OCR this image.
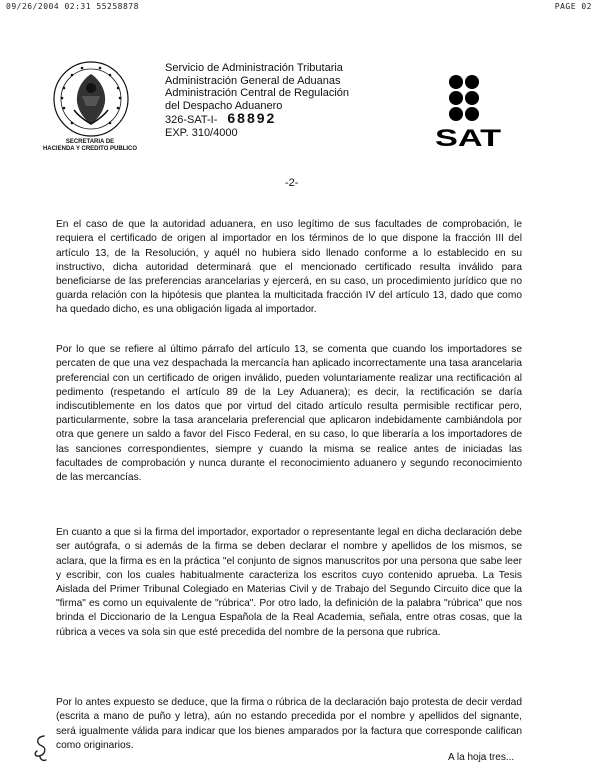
09/26/2004 02:31 55258878	PAGE 02
SECRETARIA DE
HACIENDA Y CREDITO PUBLICO
Servicio de Administración Tributaria
Administración General de Aduanas
Administración Central de Regulación
del Despacho Aduanero
326-SAT-I- 68892
EXP. 310/4000	SAT
-2-

En el caso de que la autoridad aduanera, en uso legítimo de sus facultades de comprobación, le requiera el certificado de origen al importador en los términos de lo que dispone la fracción III del artículo 13, de la Resolución, y aquél no hubiera sido llenado conforme a lo establecido en su instructivo, dicha autoridad determinará que el mencionado certificado resulta inválido para beneficiarse de las preferencias arancelarias y ejercerá, en su caso, un procedimiento jurídico que no guarda relación con la hipótesis que plantea la multicitada fracción IV del artículo 13, dado que como ha quedado dicho, es una obligación ligada al importador.

Por lo que se refiere al último párrafo del artículo 13, se comenta que cuando los importadores se percaten de que una vez despachada la mercancía han aplicado incorrectamente una tasa arancelaria preferencial con un certificado de origen inválido, pueden voluntariamente realizar una rectificación al pedimento (respetando el artículo 89 de la Ley Aduanera); es decir, la rectificación se daría indiscutiblemente en los datos que por virtud del citado artículo resulta permisible rectificar pero, particularmente, sobre la tasa arancelaria preferencial que aplicaron indebidamente cambiándola por otra que genere un saldo a favor del Fisco Federal, en su caso, lo que liberaría a los importadores de las sanciones correspondientes, siempre y cuando la misma se realice antes de iniciadas las facultades de comprobación y nunca durante el reconocimiento aduanero y segundo reconocimiento de las mercancías.

En cuanto a que si la firma del importador, exportador o representante legal en dicha declaración debe ser autógrafa, o si además de la firma se deben declarar el nombre y apellidos de los mismos, se aclara, que la firma es en la práctica "el conjunto de signos manuscritos por una persona que sabe leer y escribir, con los cuales habitualmente caracteriza los escritos cuyo contenido aprueba. La Tesis Aislada del Primer Tribunal Colegiado en Materias Civil y de Trabajo del Segundo Circuito dice que la "firma" es como un equivalente de "rúbrica". Por otro lado, la definición de la palabra "rúbrica" que nos brinda el Diccionario de la Lengua Española de la Real Academia, señala, entre otras cosas, que la rúbrica a veces va sola sin que esté precedida del nombre de la persona que rubrica.

Por lo antes expuesto se deduce, que la firma o rúbrica de la declaración bajo protesta de decir verdad (escrita a mano de puño y letra), aún no estando precedida por el nombre y apellidos del signante, será igualmente válida para indicar que los bienes amparados por la factura que corresponde califican como originarios.

A la hoja tres...
